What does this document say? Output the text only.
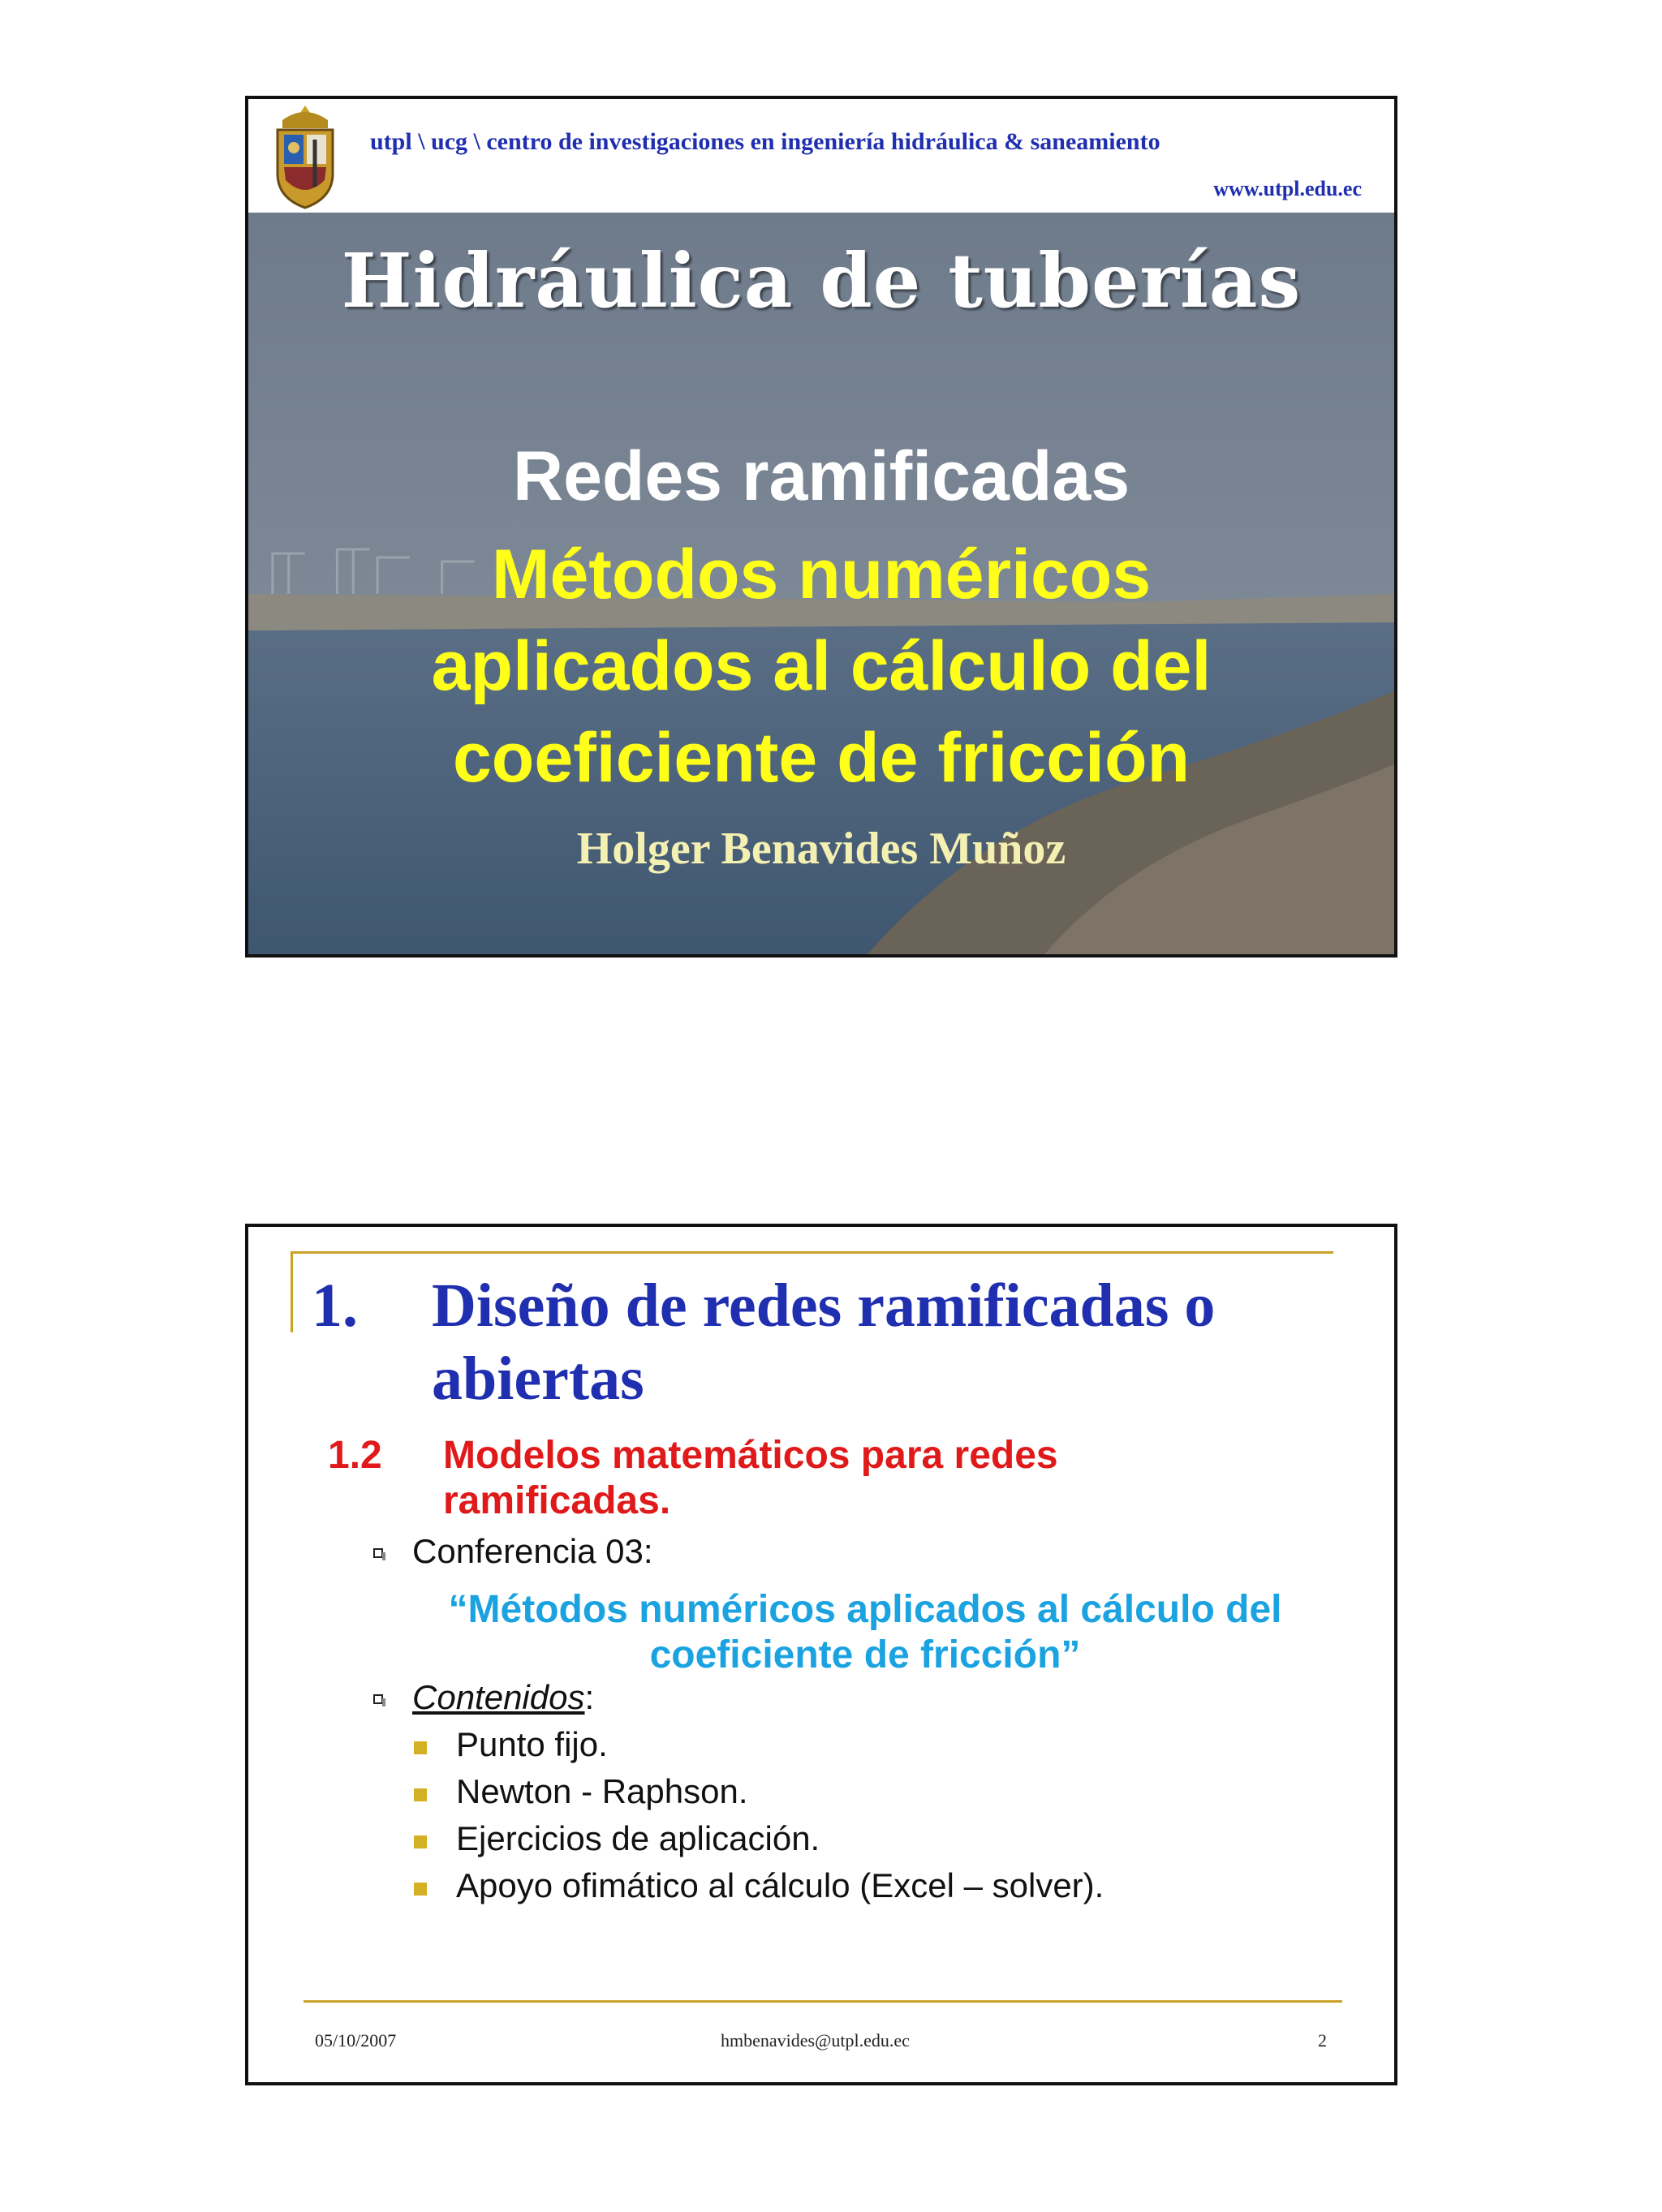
utpl \ ucg \ centro de investigaciones en ingeniería hidráulica & saneamiento
www.utpl.edu.ec
Hidráulica de tuberías
Redes ramificadas
Métodos numéricos
aplicados al cálculo del
coeficiente de fricción
Holger Benavides Muñoz
1. Diseño de redes ramificadas o abiertas
1.2 Modelos matemáticos para redes ramificadas.
Conferencia 03:
“Métodos numéricos aplicados al cálculo del
coeficiente de fricción”
Contenidos:
Punto fijo.
Newton - Raphson.
Ejercicios de aplicación.
Apoyo ofimático al cálculo (Excel – solver).
05/10/2007	hmbenavides@utpl.edu.ec	2
